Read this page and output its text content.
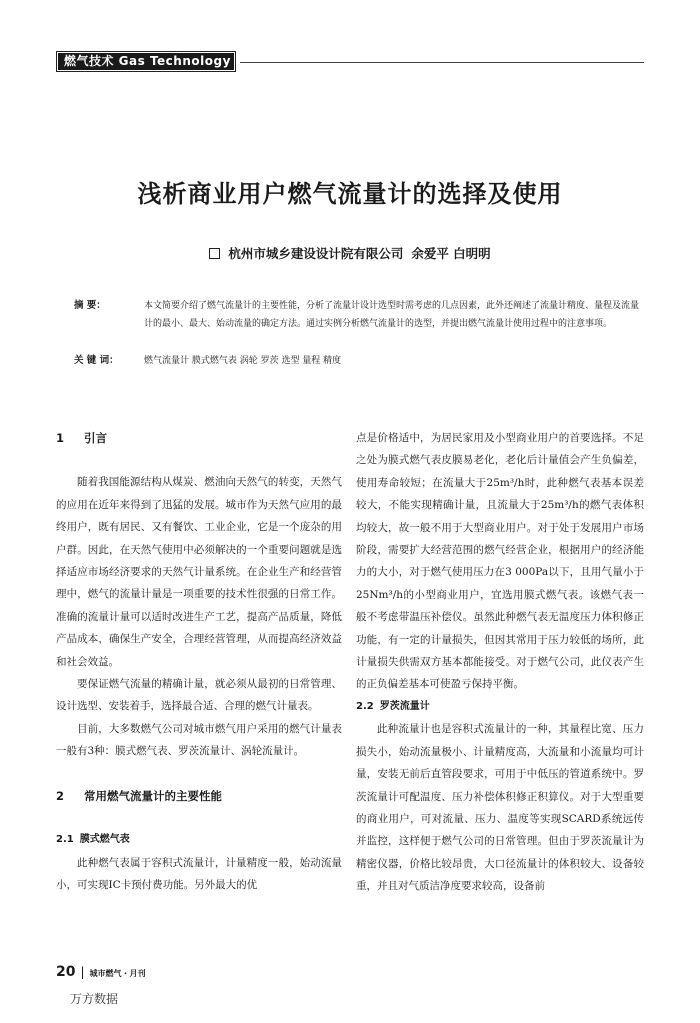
燃气技术 Gas Technology
浅析商业用户燃气流量计的选择及使用
杭州市城乡建设设计院有限公司 余爱平 白明明
摘 要：	本文简要介绍了燃气流量计的主要性能，分析了流量计设计选型时需考虑的几点因素，此外还阐述了流量计精度、量程及流量计的最小、最大、始动流量的确定方法。通过实例分析燃气流量计的选型，并提出燃气流量计使用过程中的注意事项。
关 键 词：	燃气流量计 膜式燃气表 涡轮 罗茨 选型 量程 精度
1 引言

随着我国能源结构从煤炭、燃油向天然气的转变，天然气的应用在近年来得到了迅猛的发展。城市作为天然气应用的最终用户，既有居民、又有餐饮、工业企业，它是一个庞杂的用户群。因此，在天然气使用中必须解决的一个重要问题就是选择适应市场经济要求的天然气计量系统。在企业生产和经营管理中，燃气的流量计量是一项重要的技术性很强的日常工作。准确的流量计量可以适时改进生产工艺，提高产品质量，降低产品成本，确保生产安全，合理经营管理，从而提高经济效益和社会效益。

要保证燃气流量的精确计量，就必须从最初的日常管理、设计选型、安装着手，选择最合适、合理的燃气计量表。

目前，大多数燃气公司对城市燃气用户采用的燃气计量表一般有3种：膜式燃气表、罗茨流量计、涡轮流量计。

2 常用燃气流量计的主要性能
2.1 膜式燃气表

此种燃气表属于容积式流量计，计量精度一般，始动流量小，可实现IC卡预付费功能。另外最大的优

点是价格适中，为居民家用及小型商业用户的首要选择。不足之处为膜式燃气表皮膜易老化，老化后计量值会产生负偏差，使用寿命较短；在流量大于25m³/h时，此种燃气表基本误差较大，不能实现精确计量，且流量大于25m³/h的燃气表体积均较大，故一般不用于大型商业用户。对于处于发展用户市场阶段，需要扩大经营范围的燃气经营企业，根据用户的经济能力的大小，对于燃气使用压力在3 000Pa以下，且用气量小于25Nm³/h的小型商业用户，宜选用膜式燃气表。该燃气表一般不考虑带温压补偿仪。虽然此种燃气表无温度压力体积修正功能，有一定的计量损失，但因其常用于压力较低的场所，此计量损失供需双方基本都能接受。对于燃气公司，此仪表产生的正负偏差基本可使盈亏保持平衡。

2.2 罗茨流量计

此种流量计也是容积式流量计的一种，其量程比宽、压力损失小，始动流量极小、计量精度高，大流量和小流量均可计量，安装无前后直管段要求，可用于中低压的管道系统中。罗茨流量计可配温度、压力补偿体积修正积算仪。对于大型重要的商业用户，可对流量、压力、温度等实现SCARD系统远传并监控，这样便于燃气公司的日常管理。但由于罗茨流量计为精密仪器，价格比较昂贵，大口径流量计的体积较大、设备较重，并且对气质洁净度要求较高，设备前

20 | 城市燃气・月刊
万方数据
